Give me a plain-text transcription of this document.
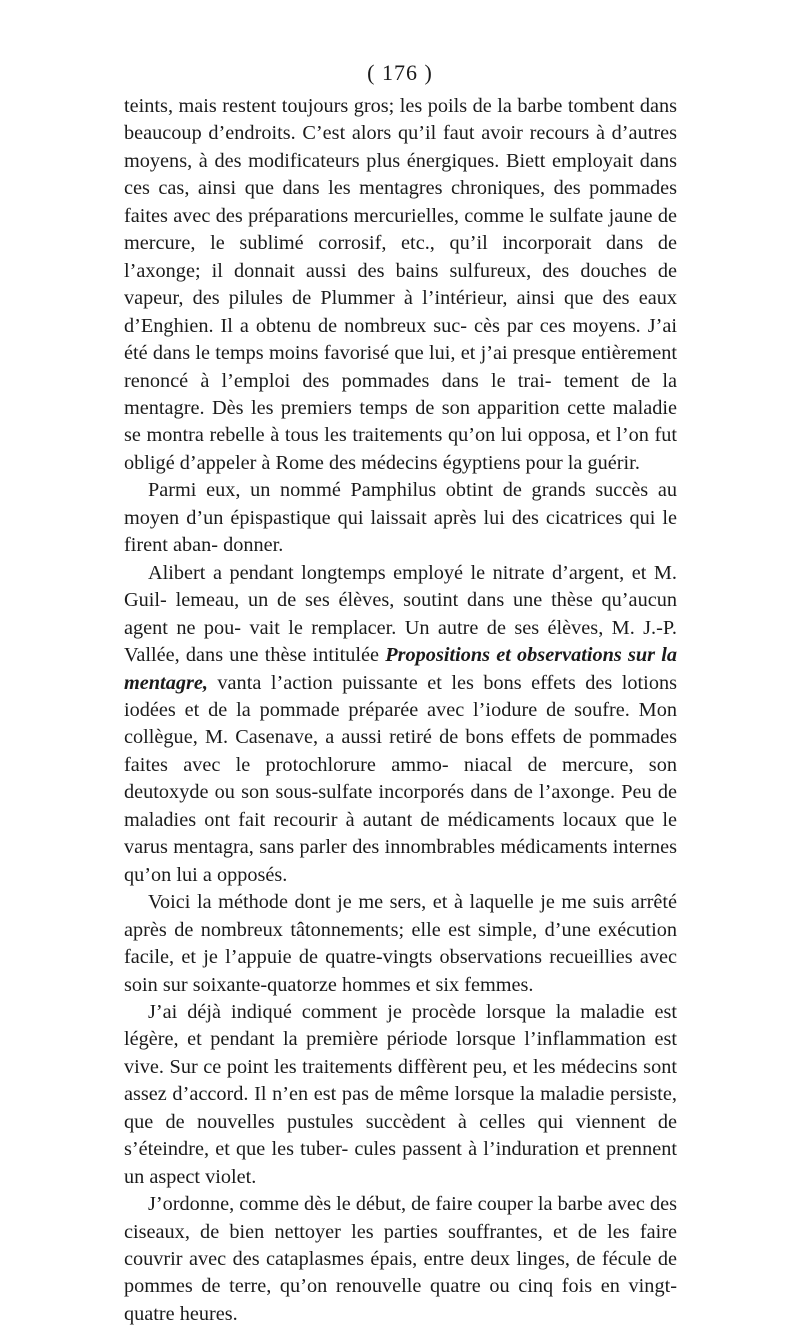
( 176 )

teints, mais restent toujours gros; les poils de la barbe tombent dans beaucoup d’endroits. C’est alors qu’il faut avoir recours à d’autres moyens, à des modificateurs plus énergiques. Biett employait dans ces cas, ainsi que dans les mentagres chroniques, des pommades faites avec des préparations mercurielles, comme le sulfate jaune de mercure, le sublimé corrosif, etc., qu’il incorporait dans de l’axonge; il donnait aussi des bains sulfureux, des douches de vapeur, des pilules de Plummer à l’intérieur, ainsi que des eaux d’Enghien. Il a obtenu de nombreux suc- cès par ces moyens. J’ai été dans le temps moins favorisé que lui, et j’ai presque entièrement renoncé à l’emploi des pommades dans le trai- tement de la mentagre. Dès les premiers temps de son apparition cette maladie se montra rebelle à tous les traitements qu’on lui opposa, et l’on fut obligé d’appeler à Rome des médecins égyptiens pour la guérir.

Parmi eux, un nommé Pamphilus obtint de grands succès au moyen d’un épispastique qui laissait après lui des cicatrices qui le firent aban- donner.

Alibert a pendant longtemps employé le nitrate d’argent, et M. Guil- lemeau, un de ses élèves, soutint dans une thèse qu’aucun agent ne pou- vait le remplacer. Un autre de ses élèves, M. J.-P. Vallée, dans une thèse intitulée Propositions et observations sur la mentagre, vanta l’action puissante et les bons effets des lotions iodées et de la pommade préparée avec l’iodure de soufre. Mon collègue, M. Casenave, a aussi retiré de bons effets de pommades faites avec le protochlorure ammo- niacal de mercure, son deutoxyde ou son sous-sulfate incorporés dans de l’axonge. Peu de maladies ont fait recourir à autant de médicaments locaux que le varus mentagra, sans parler des innombrables médicaments internes qu’on lui a opposés.

Voici la méthode dont je me sers, et à laquelle je me suis arrêté après de nombreux tâtonnements; elle est simple, d’une exécution facile, et je l’appuie de quatre-vingts observations recueillies avec soin sur soixante-quatorze hommes et six femmes.

J’ai déjà indiqué comment je procède lorsque la maladie est légère, et pendant la première période lorsque l’inflammation est vive. Sur ce point les traitements diffèrent peu, et les médecins sont assez d’accord. Il n’en est pas de même lorsque la maladie persiste, que de nouvelles pustules succèdent à celles qui viennent de s’éteindre, et que les tuber- cules passent à l’induration et prennent un aspect violet.

J’ordonne, comme dès le début, de faire couper la barbe avec des ciseaux, de bien nettoyer les parties souffrantes, et de les faire couvrir avec des cataplasmes épais, entre deux linges, de fécule de pommes de terre, qu’on renouvelle quatre ou cinq fois en vingt-quatre heures.
